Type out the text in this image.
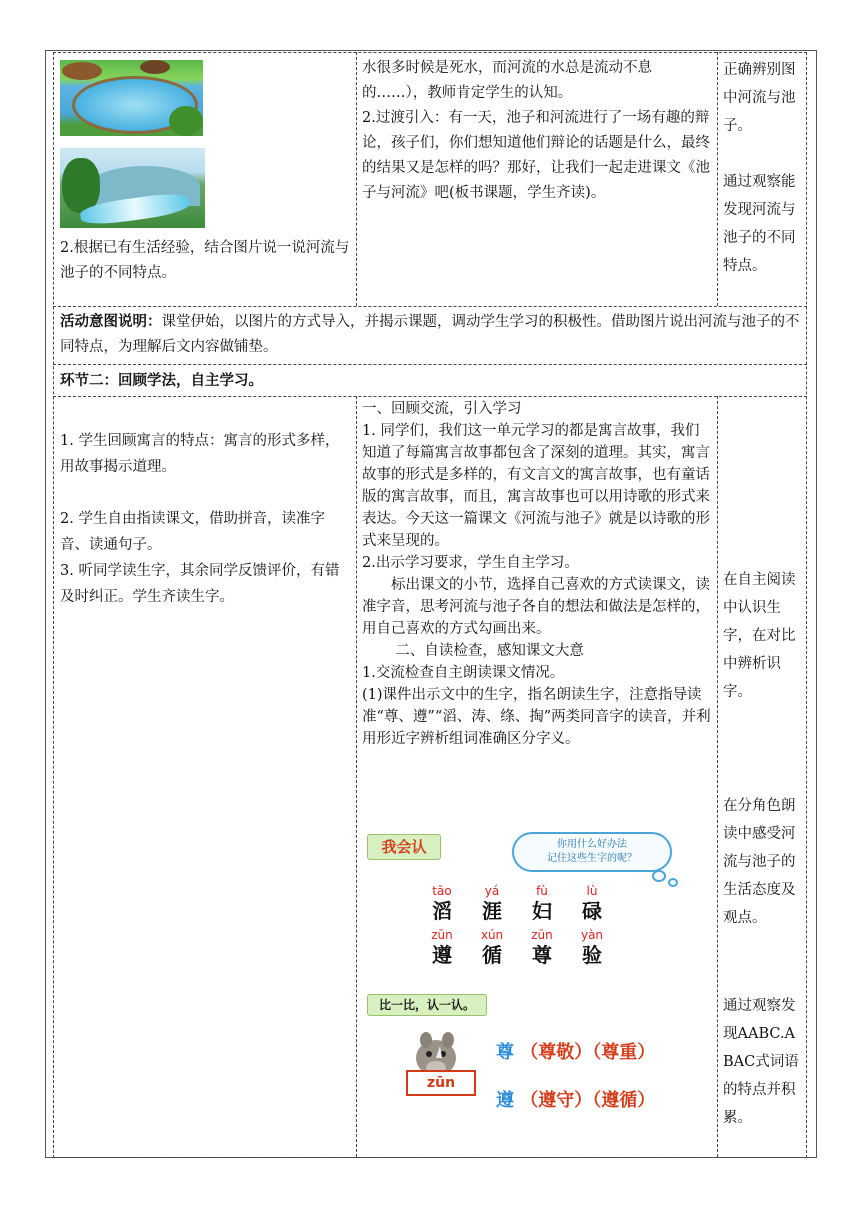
2.根据已有生活经验，结合图片说一说河流与池子的不同特点。

水很多时候是死水，而河流的水总是流动不息的……），教师肯定学生的认知。

2.过渡引入：有一天，池子和河流进行了一场有趣的辩论，孩子们，你们想知道他们辩论的话题是什么，最终的结果又是怎样的吗？那好，让我们一起走进课文《池子与河流》吧(板书课题，学生齐读)。

正确辨别图中河流与池子。

通过观察能发现河流与池子的不同特点。

活动意图说明：课堂伊始，以图片的方式导入，并揭示课题，调动学生学习的积极性。借助图片说出河流与池子的不同特点，为理解后文内容做铺垫。
环节二：回顾学法，自主学习。

1. 学生回顾寓言的特点：寓言的形式多样，用故事揭示道理。

2. 学生自由指读课文，借助拼音，读准字音、读通句子。

3. 听同学读生字，其余同学反馈评价，有错及时纠正。学生齐读生字。

一、回顾交流，引入学习

1. 同学们，我们这一单元学习的都是寓言故事，我们知道了每篇寓言故事都包含了深刻的道理。其实，寓言故事的形式是多样的，有文言文的寓言故事，也有童话版的寓言故事，而且，寓言故事也可以用诗歌的形式来表达。今天这一篇课文《河流与池子》就是以诗歌的形式来呈现的。

2.出示学习要求，学生自主学习。

标出课文的小节，选择自己喜欢的方式读课文，读准字音，思考河流与池子各自的想法和做法是怎样的，用自己喜欢的方式勾画出来。

二、自读检查，感知课文大意

1.交流检查自主朗读课文情况。

(1)课件出示文中的生字，指名朗读生字，注意指导读准“尊、遵”“滔、涛、绦、掏”两类同音字的读音，并利用形近字辨析组词准确区分字义。

我会认	你用什么好办法
记住这些生字的呢？
tāo
滔
yá
涯
fù
妇
lù
碌
zūn
遵
xún
循
zūn
尊
yàn
验
比一比，认一认。
zūn
尊 （尊敬）（尊重）
遵 （遵守）（遵循）
在自主阅读中认识生字，在对比中辨析识字。
在分角色朗读中感受河流与池子的生活态度及观点。
通过观察发现AABC.ABAC式词语的特点并积累。
